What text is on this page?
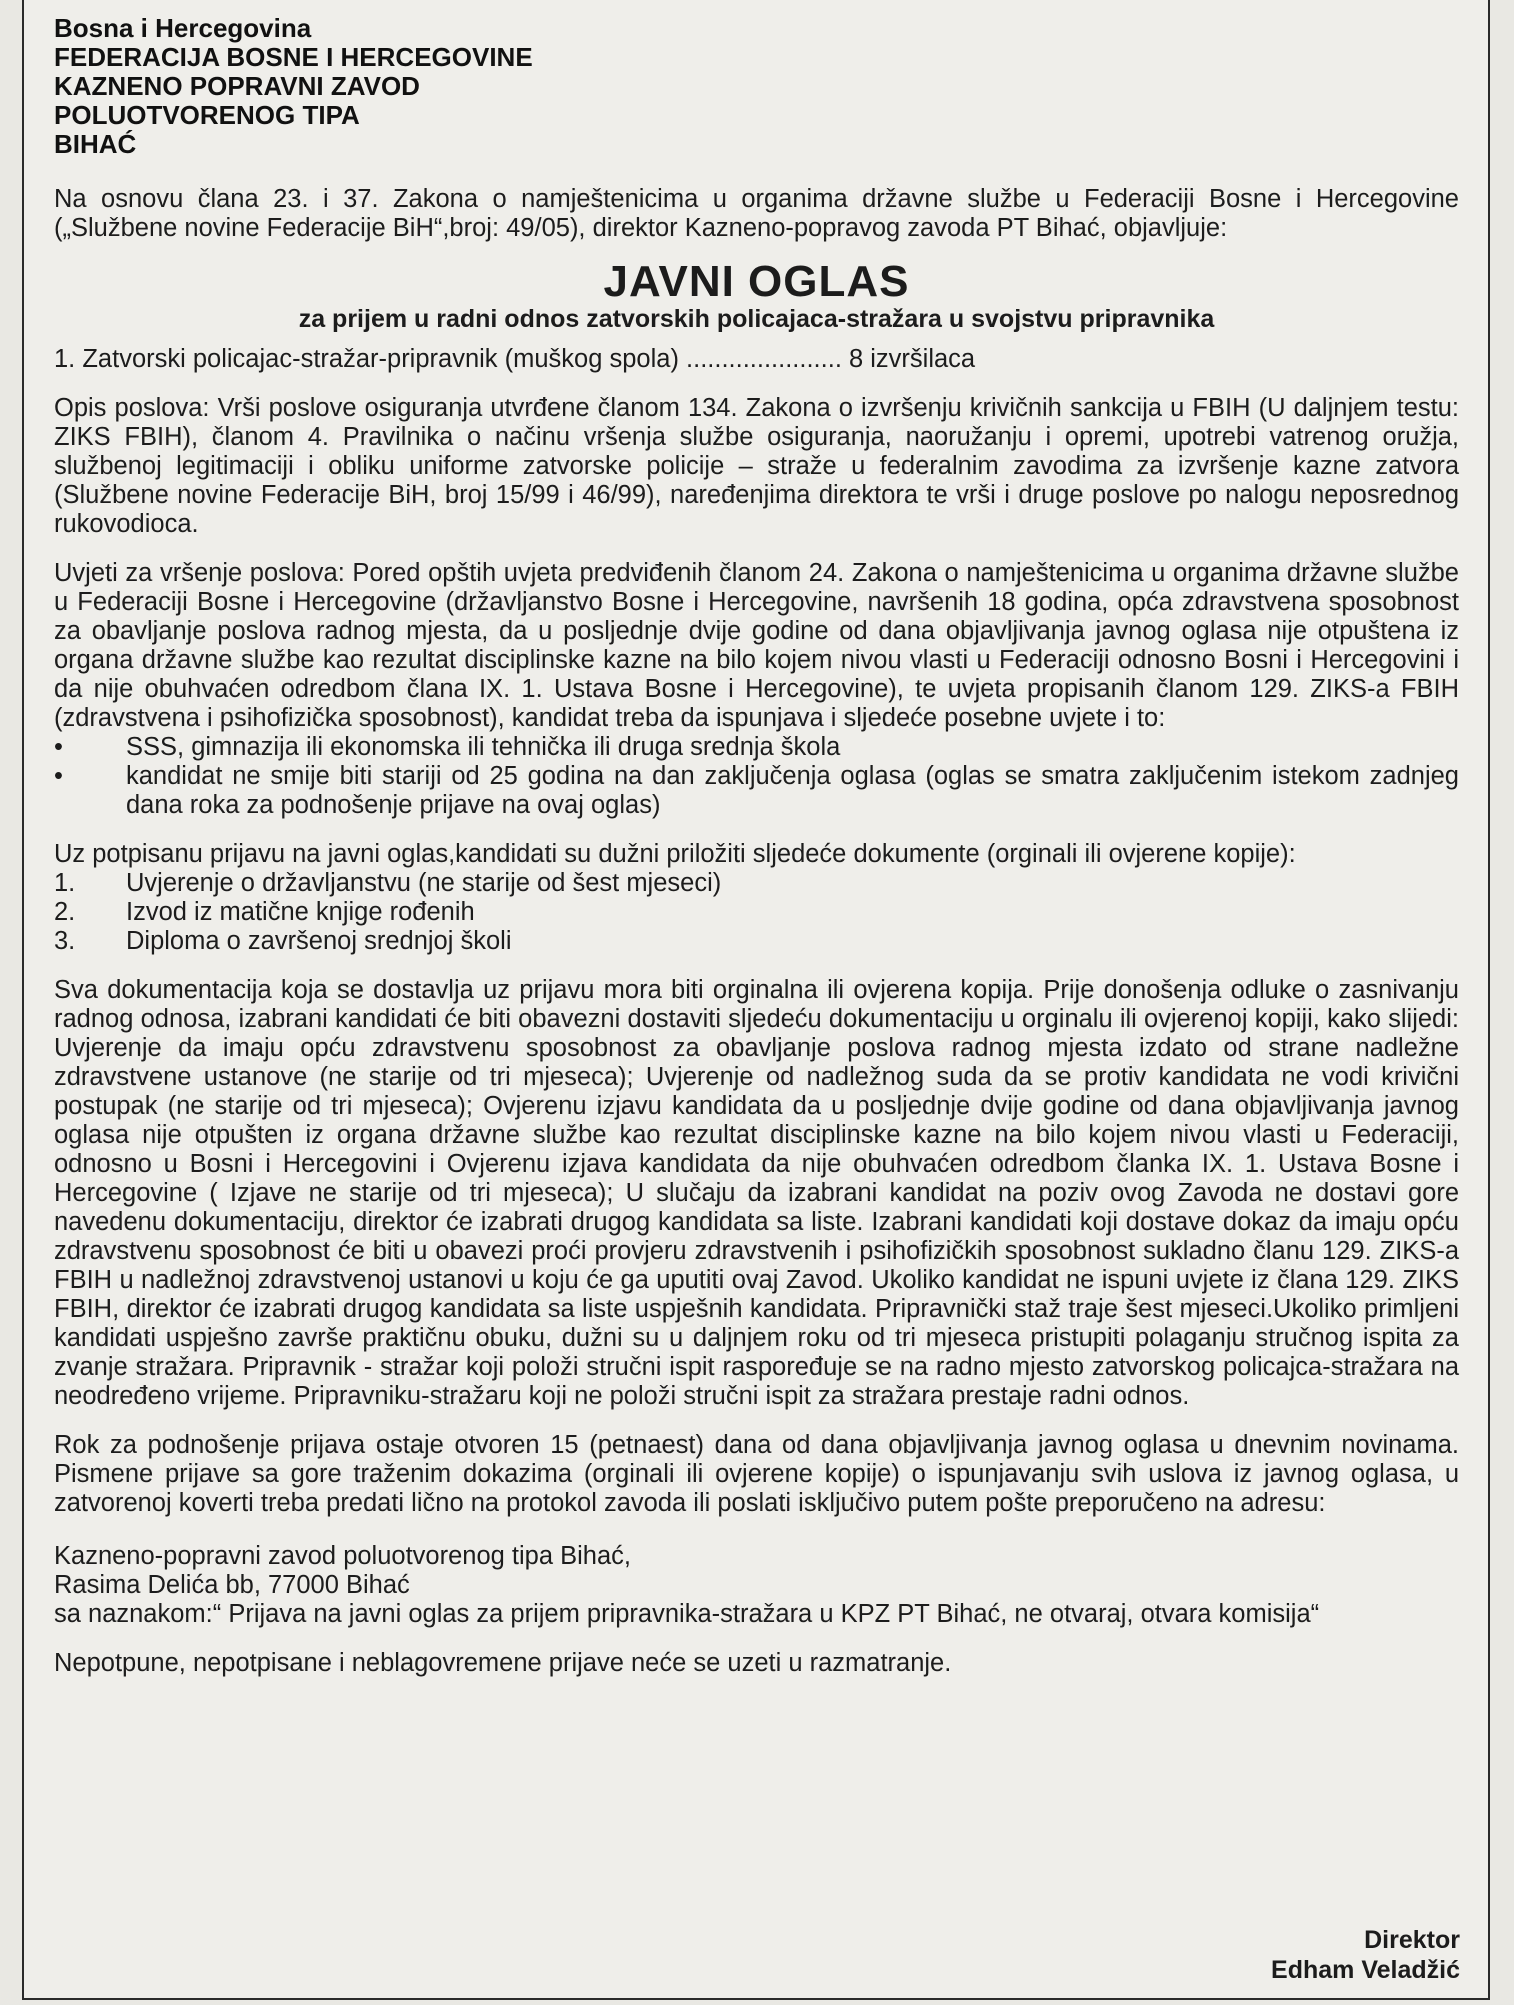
Bosna i Hercegovina
FEDERACIJA BOSNE I HERCEGOVINE
KAZNENO POPRAVNI ZAVOD
POLUOTVORENOG TIPA
BIHAĆ
Na osnovu člana 23. i 37. Zakona o namještenicima u organima državne službe u Federaciji Bosne i Hercegovine („Službene novine Federacije BiH“,broj: 49/05), direktor Kazneno-popravog zavoda PT Bihać, objavljuje:
JAVNI OGLAS
za prijem u radni odnos zatvorskih policajaca-stražara u svojstvu pripravnika
1. Zatvorski policajac-stražar-pripravnik (muškog spola) ...................... 8 izvršilaca
Opis poslova: Vrši poslove osiguranja utvrđene članom 134. Zakona o izvršenju krivičnih sankcija u FBIH (U daljnjem testu: ZIKS FBIH), članom 4. Pravilnika o načinu vršenja službe osiguranja, naoružanju i opremi, upotrebi vatrenog oružja, službenoj legitimaciji i obliku uniforme zatvorske policije – straže u federalnim zavodima za izvršenje kazne zatvora (Službene novine Federacije BiH, broj 15/99 i 46/99), naređenjima direktora te vrši i druge poslove po nalogu neposrednog rukovodioca.
Uvjeti za vršenje poslova: Pored opštih uvjeta predviđenih članom 24. Zakona o namještenicima u organima državne službe u Federaciji Bosne i Hercegovine (državljanstvo Bosne i Hercegovine, navršenih 18 godina, opća zdravstvena sposobnost za obavljanje poslova radnog mjesta, da u posljednje dvije godine od dana objavljivanja javnog oglasa nije otpuštena iz organa državne službe kao rezultat disciplinske kazne na bilo kojem nivou vlasti u Federaciji odnosno Bosni i Hercegovini i da nije obuhvaćen odredbom člana IX. 1. Ustava Bosne i Hercegovine), te uvjeta propisanih članom 129. ZIKS-a FBIH (zdravstvena i psihofizička sposobnost), kandidat treba da ispunjava i sljedeće posebne uvjete i to:
•	SSS, gimnazija ili ekonomska ili tehnička ili druga srednja škola
•	kandidat ne smije biti stariji od 25 godina na dan zaključenja oglasa (oglas se smatra zaključenim istekom zadnjeg dana roka za podnošenje prijave na ovaj oglas)
Uz potpisanu prijavu na javni oglas,kandidati su dužni priložiti sljedeće dokumente (orginali ili ovjerene kopije):
1.	Uvjerenje o državljanstvu (ne starije od šest mjeseci)
2.	Izvod iz matične knjige rođenih
3.	Diploma o završenoj srednjoj školi
Sva dokumentacija koja se dostavlja uz prijavu mora biti orginalna ili ovjerena kopija. Prije donošenja odluke o zasnivanju radnog odnosa, izabrani kandidati će biti obavezni dostaviti sljedeću dokumentaciju u orginalu ili ovjerenoj kopiji, kako slijedi: Uvjerenje da imaju opću zdravstvenu sposobnost za obavljanje poslova radnog mjesta izdato od strane nadležne zdravstvene ustanove (ne starije od tri mjeseca); Uvjerenje od nadležnog suda da se protiv kandidata ne vodi krivični postupak (ne starije od tri mjeseca); Ovjerenu izjavu kandidata da u posljednje dvije godine od dana objavljivanja javnog oglasa nije otpušten iz organa državne službe kao rezultat disciplinske kazne na bilo kojem nivou vlasti u Federaciji, odnosno u Bosni i Hercegovini i Ovjerenu izjava kandidata da nije obuhvaćen odredbom članka IX. 1. Ustava Bosne i Hercegovine ( Izjave ne starije od tri mjeseca); U slučaju da izabrani kandidat na poziv ovog Zavoda ne dostavi gore navedenu dokumentaciju, direktor će izabrati drugog kandidata sa liste. Izabrani kandidati koji dostave dokaz da imaju opću zdravstvenu sposobnost će biti u obavezi proći provjeru zdravstvenih i psihofizičkih sposobnost sukladno članu 129. ZIKS-a FBIH u nadležnoj zdravstvenoj ustanovi u koju će ga uputiti ovaj Zavod. Ukoliko kandidat ne ispuni uvjete iz člana 129. ZIKS FBIH, direktor će izabrati drugog kandidata sa liste uspješnih kandidata. Pripravnički staž traje šest mjeseci.Ukoliko primljeni kandidati uspješno završe praktičnu obuku, dužni su u daljnjem roku od tri mjeseca pristupiti polaganju stručnog ispita za zvanje stražara. Pripravnik - stražar koji položi stručni ispit raspoređuje se na radno mjesto zatvorskog policajca-stražara na neodređeno vrijeme. Pripravniku-stražaru koji ne položi stručni ispit za stražara prestaje radni odnos.
Rok za podnošenje prijava ostaje otvoren 15 (petnaest) dana od dana objavljivanja javnog oglasa u dnevnim novinama. Pismene prijave sa gore traženim dokazima (orginali ili ovjerene kopije) o ispunjavanju svih uslova iz javnog oglasa, u zatvorenoj koverti treba predati lično na protokol zavoda ili poslati isključivo putem pošte preporučeno na adresu:
Kazneno-popravni zavod poluotvorenog tipa Bihać,
Rasima Delića bb, 77000 Bihać
sa naznakom:“ Prijava na javni oglas za prijem pripravnika-stražara u KPZ PT Bihać, ne otvaraj, otvara komisija“
Nepotpune, nepotpisane i neblagovremene prijave neće se uzeti u razmatranje.
Direktor
Edham Veladžić
